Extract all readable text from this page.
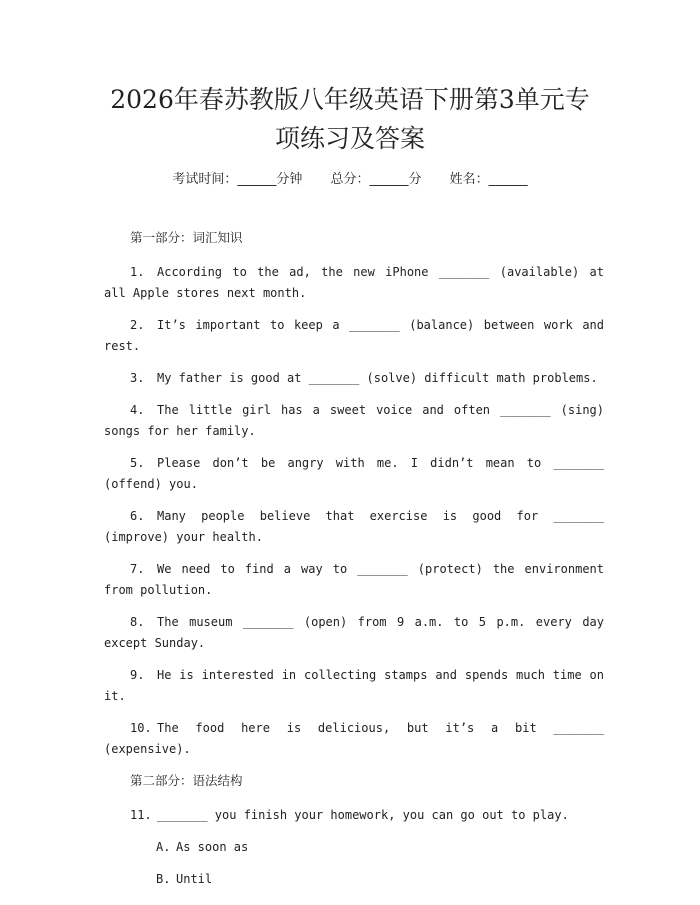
2026年春苏教版八年级英语下册第3单元专
项练习及答案
考试时间：______分钟 总分：______分 姓名：______
第一部分：词汇知识

1. According to the ad, the new iPhone _______ (available) at all Apple stores next month.

2. It’s important to keep a _______ (balance) between work and rest.

3. My father is good at _______ (solve) difficult math problems.

4. The little girl has a sweet voice and often _______ (sing) songs for her family.

5. Please don’t be angry with me. I didn’t mean to _______ (offend) you.

6. Many people believe that exercise is good for _______ (improve) your health.

7. We need to find a way to _______ (protect) the environment from pollution.

8. The museum _______ (open) from 9 a.m. to 5 p.m. every day except Sunday.

9. He is interested in collecting stamps and spends much time on it.

10. The food here is delicious, but it’s a bit _______ (expensive).

第二部分：语法结构

11. _______ you finish your homework, you can go out to play.

A. As soon as

B. Until
